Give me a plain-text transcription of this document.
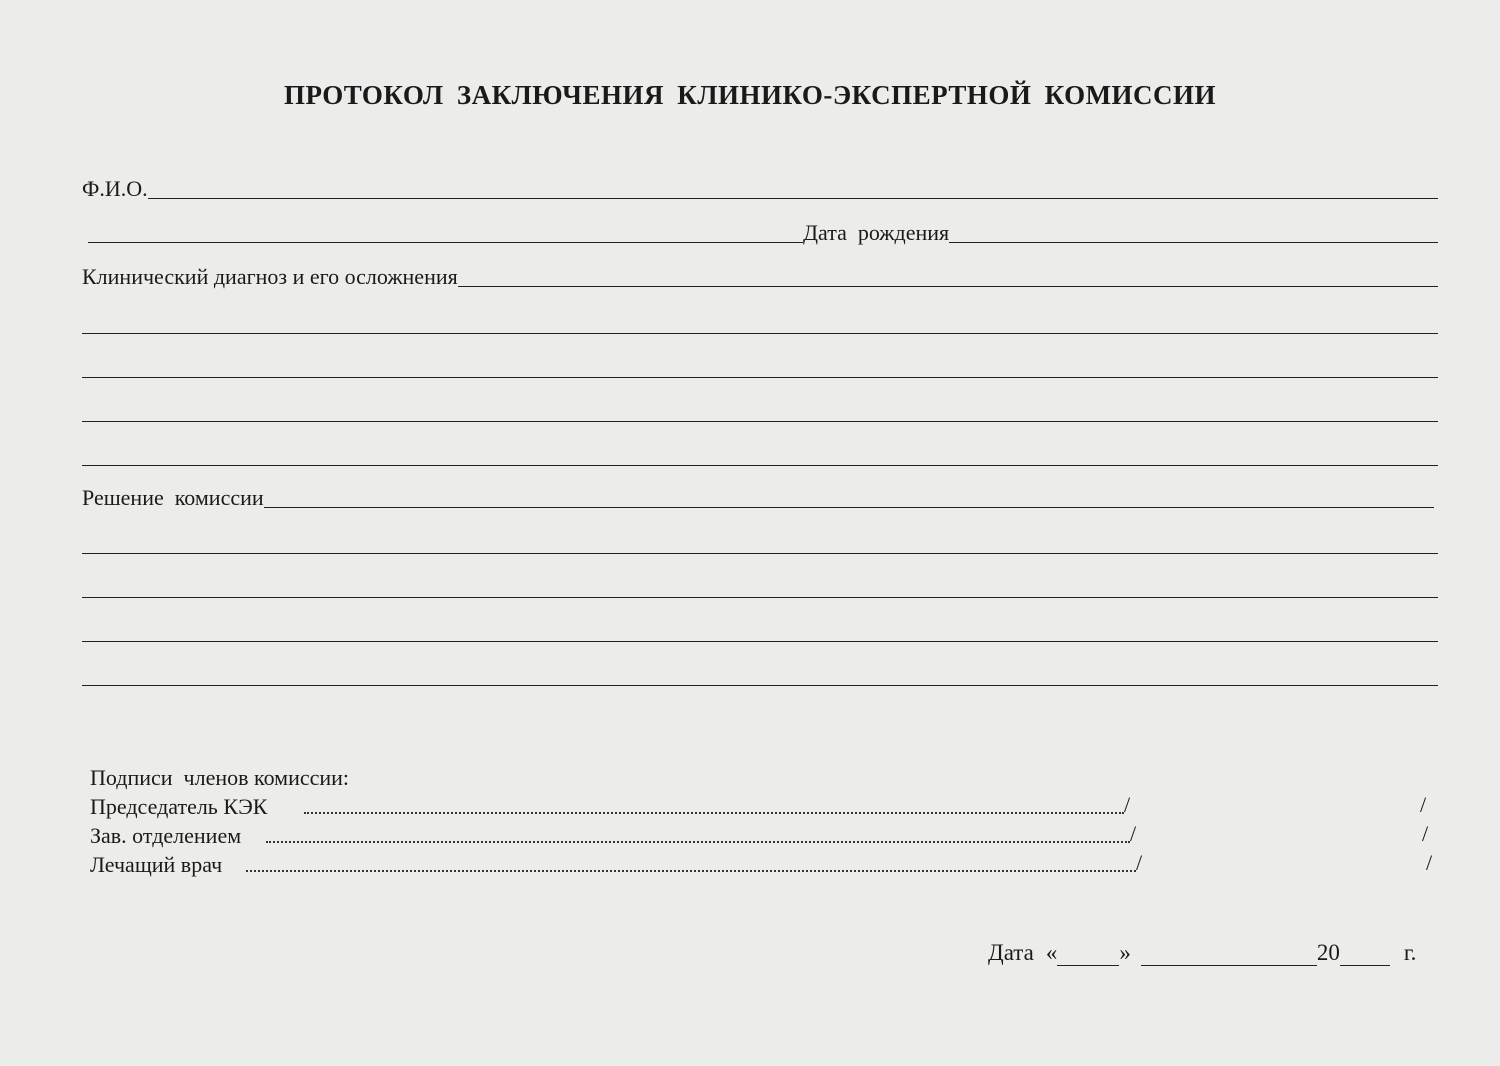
ПРОТОКОЛ ЗАКЛЮЧЕНИЯ КЛИНИКО-ЭКСПЕРТНОЙ КОМИССИИ
Ф.И.О.
Дата  рождения
Клинический диагноз и его осложнения
Решение  комиссии
Подписи  членов комиссии:
Председатель КЭК	/	/
Зав. отделением	/	/
Лечащий врач	/	/
Дата «	»	20	г.
